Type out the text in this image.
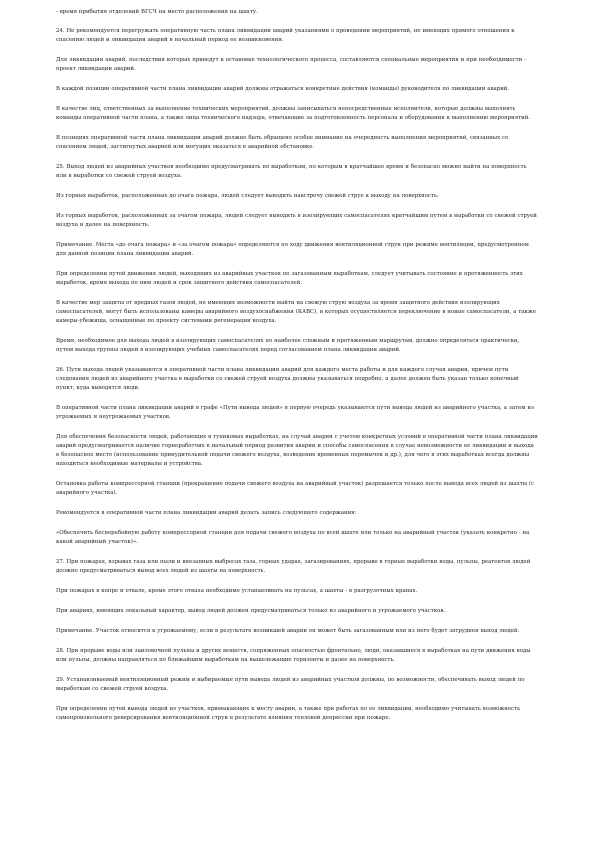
- время прибытия отделений ВГСЧ на место расположения на шахту.

24. Не рекомендуется перегружать оперативную часть плана ликвидации аварий указаниями о проведении мероприятий, не имеющих прямого отношения к спасению людей и ликвидации аварий в начальный период ее возникновения.

Для ликвидации аварий, последствия которых приведут к остановке технологического процесса, составляются специальные мероприятия и при необходимости - проект ликвидации аварий.

В каждой позиции оперативной части плана ликвидации аварий должны отражаться конкретные действия (команды) руководителя по ликвидации аварий.

В качестве лиц, ответственных за выполнение технических мероприятий, должны записываться непосредственные исполнители, которые должны выполнять команды оперативной части плана, а также лица технического надзора, отвечающие за подготовленность персонала и оборудования к выполнению мероприятий.

В позициях оперативной части плана ликвидации аварий должно быть обращено особое внимание на очередность выполнения мероприятий, связанных со спасением людей, застигнутых аварией или могущих оказаться в аварийной обстановке.

25. Выход людей из аварийных участков необходимо предусматривать по выработкам, по которым в кратчайшее время и безопасно можно выйти на поверхность или в выработки со свежей струей воздуха.

Из горных выработок, расположенных до очага пожара, людей следует выводить навстречу свежей струе к выходу на поверхность.

Из горных выработок, расположенных за очагом пожара, людей следует выводить в изолирующих самоспасателях кратчайшим путем в выработки со свежей струей воздуха и далее на поверхность.

Примечание. Места «до очага пожара» и «за очагом пожара» определяются по ходу движения вентиляционной струи при режиме вентиляции, предусмотренном для данной позиции плана ликвидации аварий.

При определении путей движения людей, выходящих из аварийных участков по загазованным выработкам, следует учитывать состояние и протяженность этих выработок, время выхода по ним людей и срок защитного действия самоспасателей.

В качестве мер защиты от вредных газов людей, не имеющих возможности выйти на свежую струю воздуха за время защитного действия изолирующих самоспасателей, могут быть использованы камеры аварийного воздухоснабжения (КАВС), в которых осуществляется переключение в новые самоспасатели, а также камеры-убежища, оснащенные по проекту системами регенерации воздуха.

Время, необходимое для выхода людей в изолирующих самоспасателях по наиболее сложным и протяженным маршрутам, должно определяться практически, путем выхода группы людей в изолирующих учебных самоспасателях перед согласованием плана ликвидации аварий.

26. Пути выхода людей указываются в оперативной части плана ликвидации аварий для каждого места работы и для каждого случая аварии, причем пути следования людей из аварийного участка в выработки со свежей струей воздуха должны указываться подробно, а далее должен быть указан только конечный пункт, куда выводятся люди.

В оперативной части плана ликвидации аварий в графе «Пути вывода людей» в первую очередь указываются пути вывода людей из аварийного участка, а затем из угрожаемых и неугрожаемых участков.

Для обеспечения безопасности людей, работающих в тупиковых выработках, на случай аварии с учетом конкретных условий в оперативной части плана ликвидации аварий предусматривается наличие горноработчих в начальный период развития аварии и способы самоспасения в случае невозможности ее ликвидации и выхода в безопасное место (использование принудительной подачи свежего воздуха, возведение временных перемычек и др.), для чего в этих выработках всегда должны находиться необходимые материалы и устройства.

Остановка работы компрессорной станции (прекращение подачи свежего воздуха на аварийный участок) разрешается только после вывода всех людей из шахты (с аварийного участка).

Рекомендуется в оперативной части плана ликвидации аварий делать запись следующего содержания:

«Обеспечить бесперебойную работу компрессорной станции для подачи свежего воздуха по всей шахте или только на аварийный участок (указать конкретно - на какой аварийный участок)».

27. При пожарах, взрывах газа или пыли и внезапных выбросах газа, горных ударах, загазированиях, прорыве в горные выработки воды, пульпы, реагентов людей должно предусматриваться вывод всех людей из шахты на поверхность.

При пожарах в копре и отвале, кроме этого отвала необходимо устанавливать на пульсах, а шахты - в разгрузочных кранах.

При авариях, имеющих локальный характер, вывод людей должен предусматриваться только из аварийного и угрожаемого участков.

Примечание. Участок относится к угрожаемому, если в результате возникшей аварии он может быть загазованным или из него будет затруднен выход людей.

28. При прорыве воды или заиловочной пульпы и других веществ, сопряженных опасностью фронтально, люди, оказавшиеся в выработках на пути движения воды или пульпы, должны направляться по ближайшим выработкам на вышележащие горизонты и далее на поверхность.

29. Устанавливаемый вентиляционный режим и выбираемые пути вывода людей из аварийных участков должны, по возможности, обеспечивать выход людей по выработкам со свежей струей воздуха.

При определении путей вывода людей из участков, примыкающих к месту аварии, а также при работах по ее ликвидации, необходимо учитывать возможность самопроизвольного реверсирования вентиляционной струи в результате влияния тепловой депрессии при пожаре.
